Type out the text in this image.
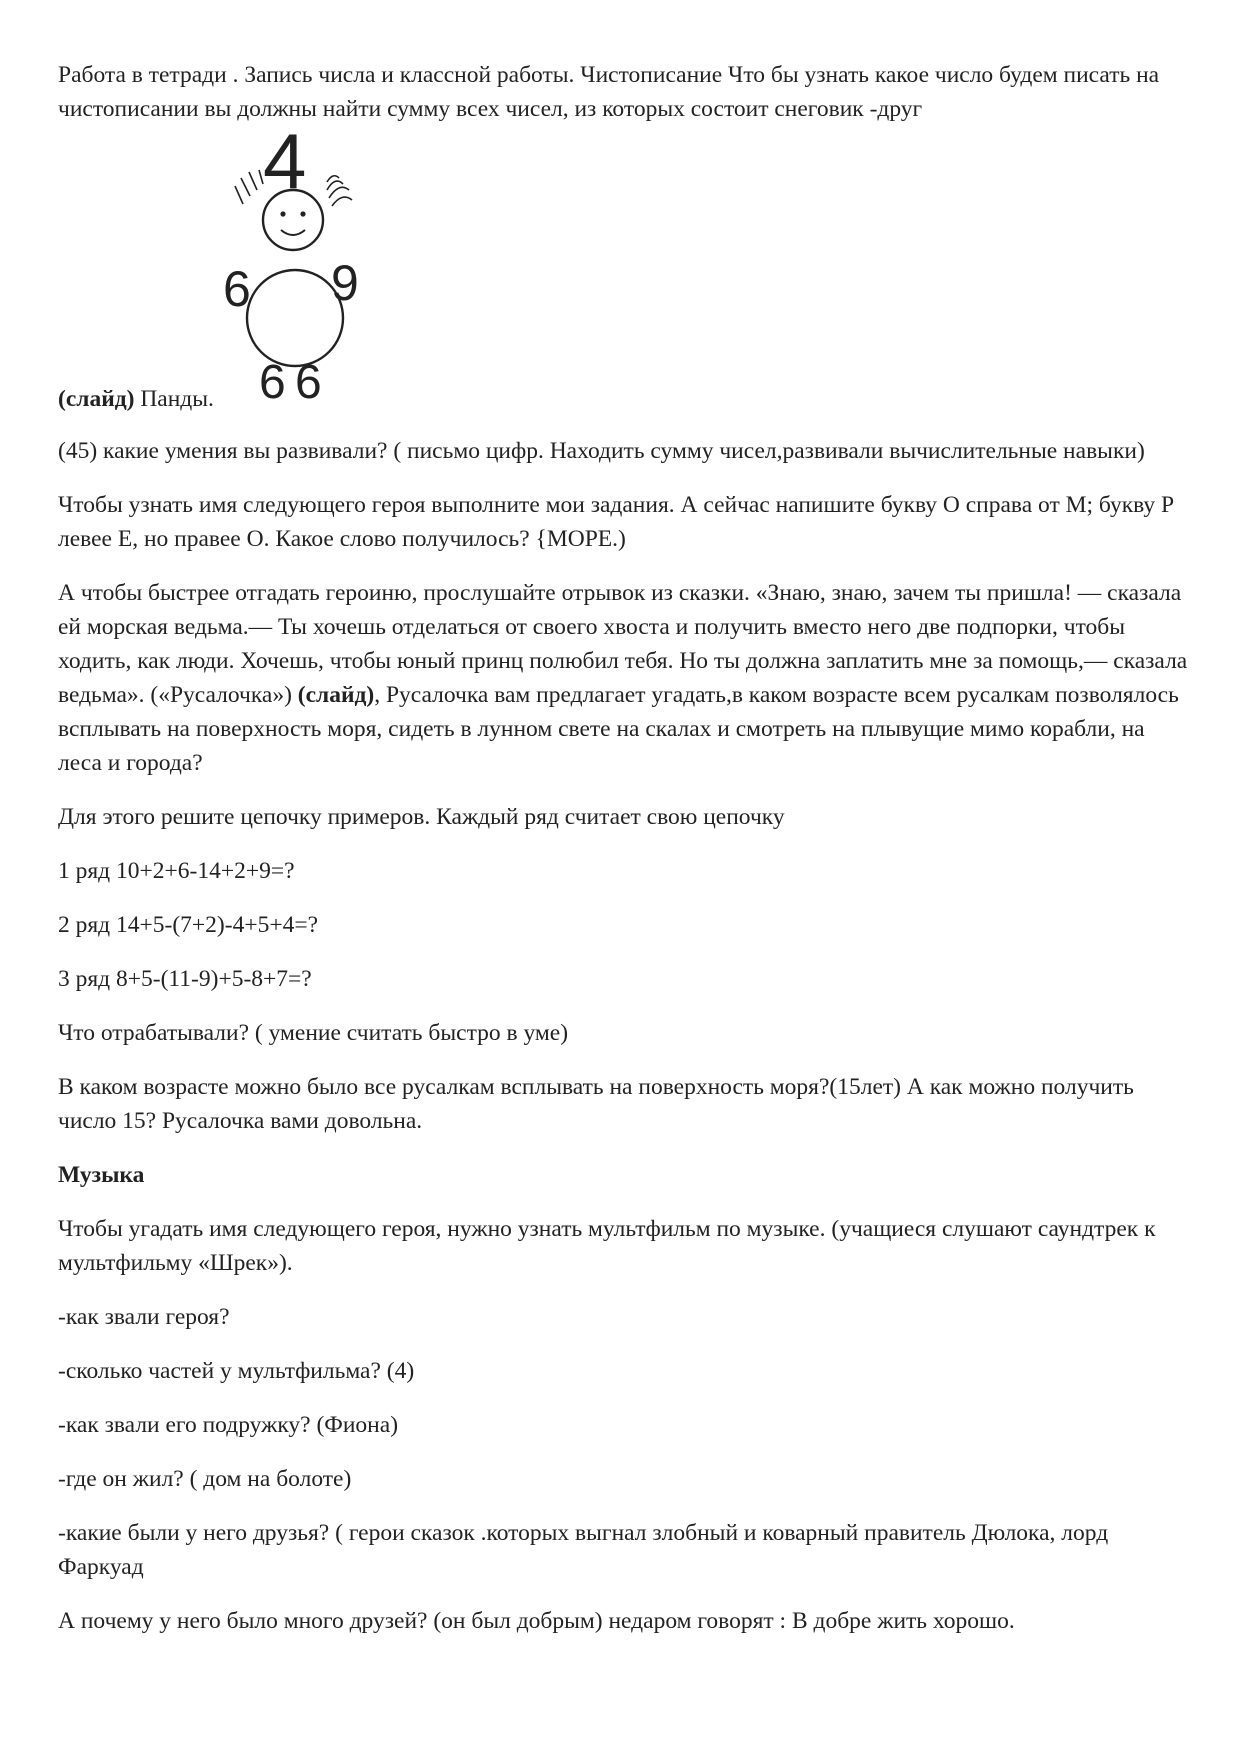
Работа в тетради . Запись числа и классной работы. Чистописание Что бы узнать какое число будем писать на чистописании вы должны найти сумму всех чисел, из которых состоит снеговик -друг

(слайд) Панды.
4
6 9
6 6

(45) какие умения вы развивали? ( письмо цифр. Находить сумму чисел,развивали вычислительные навыки)

Чтобы узнать имя следующего героя выполните мои задания. А сейчас напишите букву О справа от М; букву Р левее Е, но правее О. Какое слово получилось? {МОРЕ.)

А чтобы быстрее отгадать героиню, прослушайте отрывок из сказки. «Знаю, знаю, зачем ты пришла! — сказала ей морская ведьма.— Ты хочешь отделаться от своего хвоста и получить вместо него две подпорки, чтобы ходить, как люди. Хочешь, чтобы юный принц полюбил тебя. Но ты должна заплатить мне за помощь,— сказала ведьма». («Русалочка») (слайд), Русалочка вам предлагает угадать,в каком возрасте всем русалкам позволялось всплывать на поверхность моря, сидеть в лунном свете на скалах и смотреть на плывущие мимо корабли, на леса и города?

Для этого решите цепочку примеров. Каждый ряд считает свою цепочку

1 ряд 10+2+6-14+2+9=?

2 ряд 14+5-(7+2)-4+5+4=?

3 ряд 8+5-(11-9)+5-8+7=?

Что отрабатывали? ( умение считать быстро в уме)

В каком возрасте можно было все русалкам всплывать на поверхность моря?(15лет) А как можно получить число 15? Русалочка вами довольна.

Музыка

Чтобы угадать имя следующего героя, нужно узнать мультфильм по музыке. (учащиеся слушают саундтрек к мультфильму «Шрек»).

-как звали героя?

-сколько частей у мультфильма? (4)

-как звали его подружку? (Фиона)

-где он жил? ( дом на болоте)

-какие были у него друзья? ( герои сказок .которых выгнал злобный и коварный правитель Дюлока, лорд Фаркуад

А почему у него было много друзей? (он был добрым) недаром говорят : В добре жить хорошо.
